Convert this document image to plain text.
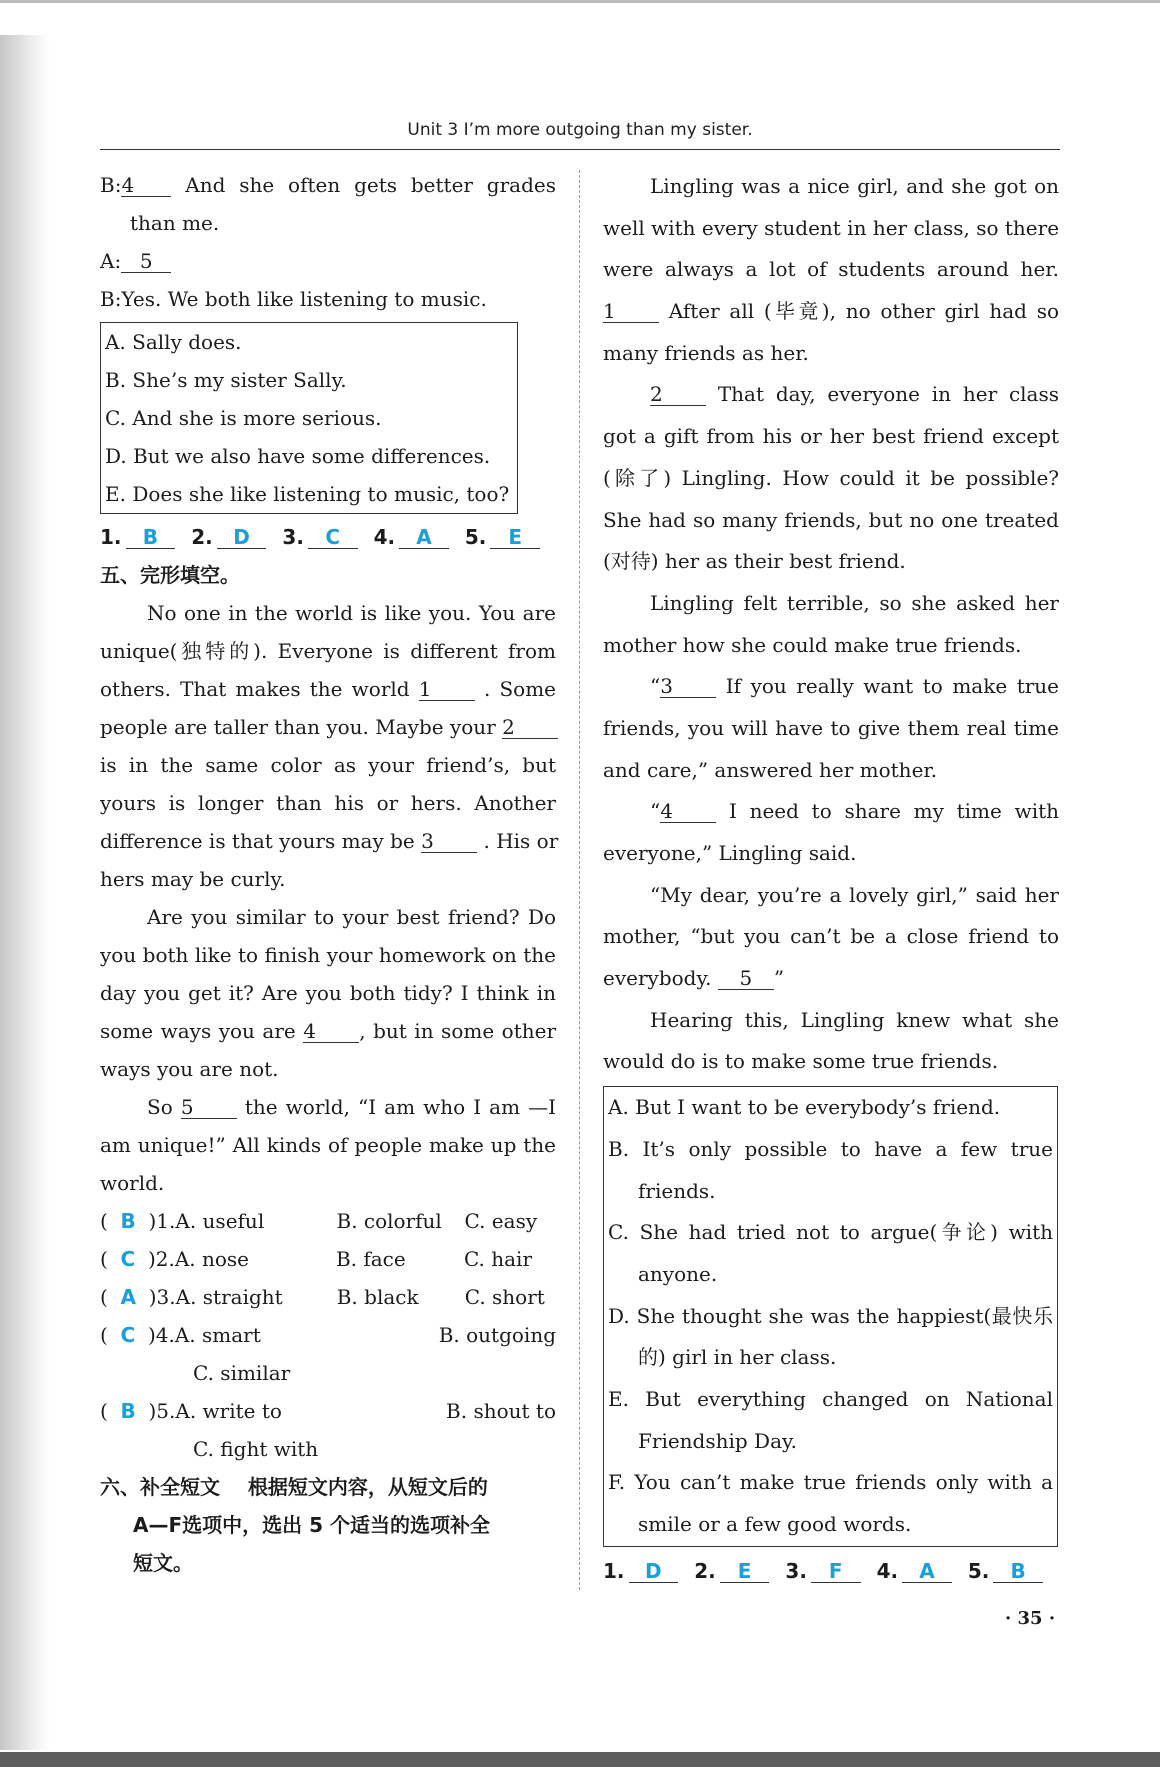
Unit 3 I’m more outgoing than my sister.
B:4	And she often gets better grades
than me.
A: 5
B:Yes. We both like listening to music.
A. Sally does.
B. She’s my sister Sally.
C. And she is more serious.
D. But we also have some differences.
E. Does she like listening to music, too?
1.	B	2.	D	3.	C	4.	A	5.	E
五、完形填空。
No one in the world is like you. You are
unique(独特的). Everyone is different from
others. That makes the world 1	. Some
people are taller than you. Maybe your 2
is in the same color as your friend’s, but
yours is longer than his or hers. Another
difference is that yours may be 3 . His or
hers may be curly.
Are you similar to your best friend? Do
you both like to finish your homework on the
day you get it? Are you both tidy? I think in
some ways you are 4 , but in some other
ways you are not.
So 5	the world, “I am who I am —I
am unique!” All kinds of people make up the
world.
(  B )1.A. useful	B. colorful	C. easy
(  C )2.A. nose	B. face	C. hair
(  A )3.A. straight	B. black	C. short
(  C )4.A. smart	B. outgoing
C. similar
(  B )5.A. write to	B. shout to
C. fight with
六、补全短文 根据短文内容，从短文后的
A—F选项中，选出 5 个适当的选项补全
短文。
Lingling was a nice girl, and she got on
well with every student in her class, so there
were always a lot of students around her.
1	After all (毕竟), no other girl had so
many friends as her.
2	That day, everyone in her class
got a gift from his or her best friend except
(除了) Lingling. How could it be possible?
She had so many friends, but no one treated
(对待) her as their best friend.
Lingling felt terrible, so she asked her
mother how she could make true friends.
“3	If you really want to make true
friends, you will have to give them real time
and care,” answered her mother.
“4	I need to share my time with
everyone,” Lingling said.
“My dear, you’re a lovely girl,” said her
mother, “but you can’t be a close friend to
everybody. 5 ”
Hearing this, Lingling knew what she
would do is to make some true friends.
A. But I want to be everybody’s friend.
B. It’s only possible to have a few true
friends.
C. She had tried not to argue(争论) with
anyone.
D. She thought she was the happiest(最快乐
的) girl in her class.
E. But everything changed on National
Friendship Day.
F. You can’t make true friends only with a
smile or a few good words.
1.	D	2.	E	3.	F	4.	A	5.	B
· 35 ·
